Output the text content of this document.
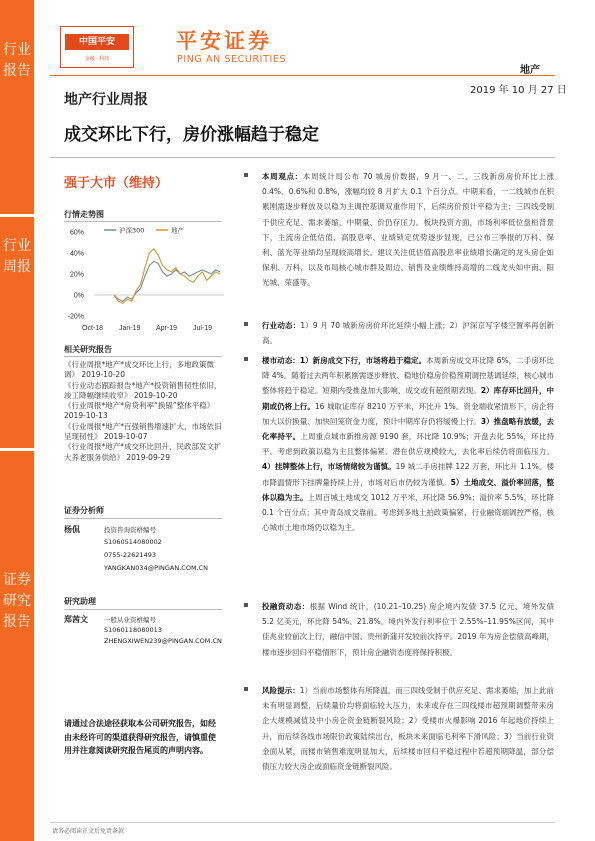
行业报告
行业周报
证券研究报告
中国平安
金融 · 科技
平安证券
PING AN SECURITIES
地产
2019 年 10 月 27 日
地产行业周报
成交环比下行，房价涨幅趋于稳定
强于大市（维持）
行情走势图
60%
40%
20%
0%
-20%
Oct-18 Jan-19 Apr-19 Jul-19
沪深300	地产
相关研究报告
《行业周报*地产*成交环比上行，多地政策微调》 2019-10-20
《行业动态跟踪报告*地产*投资销售韧性依旧，竣工降幅继续收窄》 2019-10-20
《行业周报*地产*房贷利率“换锚”整体平稳》 2019-10-13
《行业周报*地产*百强销售增速扩大，市场依旧呈现韧性》 2019-10-07
《行业周报*地产*成交环比回升，民政部发文扩大养老服务供给》 2019-09-29
证券分析师
杨侃	投资咨询资格编号
S1060514080002
0755-22621493
YANGKAN034@PINGAN.COM.CN
研究助理
郑茜文 一般从业资格编号
S1060118080013
ZHENGXIWEN239@PINGAN.COM.CN
请通过合法途径获取本公司研究报告，如经由未经许可的渠道获得研究报告，请慎重使用并注意阅读研究报告尾页的声明内容。
本周观点：本周统计局公布 70 城房价数据，9 月一、二、三线新房房价环比上涨 0.4%、0.6%和 0.8%，涨幅均较 8 月扩大 0.1 个百分点。中期来看，一二线城市在积累刚需逐步释放及以稳为主调控基调双重作用下，后续房价预计平稳为主；三四线受制于供应充足、需求萎缩，中期量、价仍存压力。板块投资方面，市场利率低位盘桓背景下，主流房企低估值、高股息率、业绩锁定优势逐步显现，已公布三季报的万科、保利、蓝光等业绩均呈现较高增长。建议关注低估值高股息率业绩增长确定的龙头房企如保利、万科，以及布局核心城市群及周边、销售及业绩维持高增的二线龙头如中南、阳光城、荣盛等。
行业动态：1）9 月 70 城新房房价环比延续小幅上涨；2）沪深京写字楼空置率再创新高。
楼市动态：1）新房成交下行，市场将趋于稳定。本周新房成交环比降 6%，二手房环比降 4%。随着过去两年积累刚需逐步释放、稳地价稳房价稳预期调控基调延续，核心城市整体将趋于稳定。短期内受推盘加大影响，成交或有超预期表现。2）库存环比回升，中期或仍将上行。16 城取证库存 8210 万平米，环比升 1%。资金端收紧情形下，房企将加大以价换量、加快回笼资金力度，预计中期库存仍将缓慢上行。3）推盘略有放缓，去化率持平。上周重点城市新推房源 9190 套，环比降 10.9%；开盘去化 55%，环比持平。考虑到政策以稳为主且整体偏紧、潜在供应规模较大，去化率后续仍将面临压力。4）挂牌整体上行，市场情绪较为谨慎。19 城二手房挂牌 122 万套，环比升 1.1%。楼市降温情形下挂牌量持续上升，市场对后市仍较为谨慎。5）土地成交、溢价率回落，整体以稳为主。上周百城土地成交 1012 万平米，环比降 56.9%；溢价率 5.5%，环比降 0.1 个百分点；其中青岛成交靠前。考虑到多地土拍政策偏紧、行业融资端调控严格，核心城市土地市场仍以稳为主。
投融资动态：根据 Wind 统计，(10.21–10.25) 房企境内发债 37.5 亿元、境外发债 5.2 亿美元，环比降 54%、21.8%。境内外发行利率位于 2.55%–11.95%区间，其中佳兆业较前次上行，融信中国、贵州新蒲开发较前次持平。2019 年为房企偿债高峰期，楼市逐步回归平稳情形下，预计房企融资态度将保持积极。
风险提示：1）当前市场整体有所降温，而三四线受制于供应充足、需求萎缩，加上此前未有明显调整，后续量价均将面临较大压力，未来或存在三四线楼市超预期调整带来房企大规模减值及中小房企资金链断裂风险；2）受楼市火爆影响 2016 年起地价持续上升，而后续各线市场限价政策陆续出台，板块未来面临毛利率下滑风险；3）当前行业资金面从紧，而楼市销售难度明显加大，后续楼市回归平稳过程中若超预期降温，部分偿债压力较大房企或面临资金链断裂风险。
请务必阅读正文后免责条款
